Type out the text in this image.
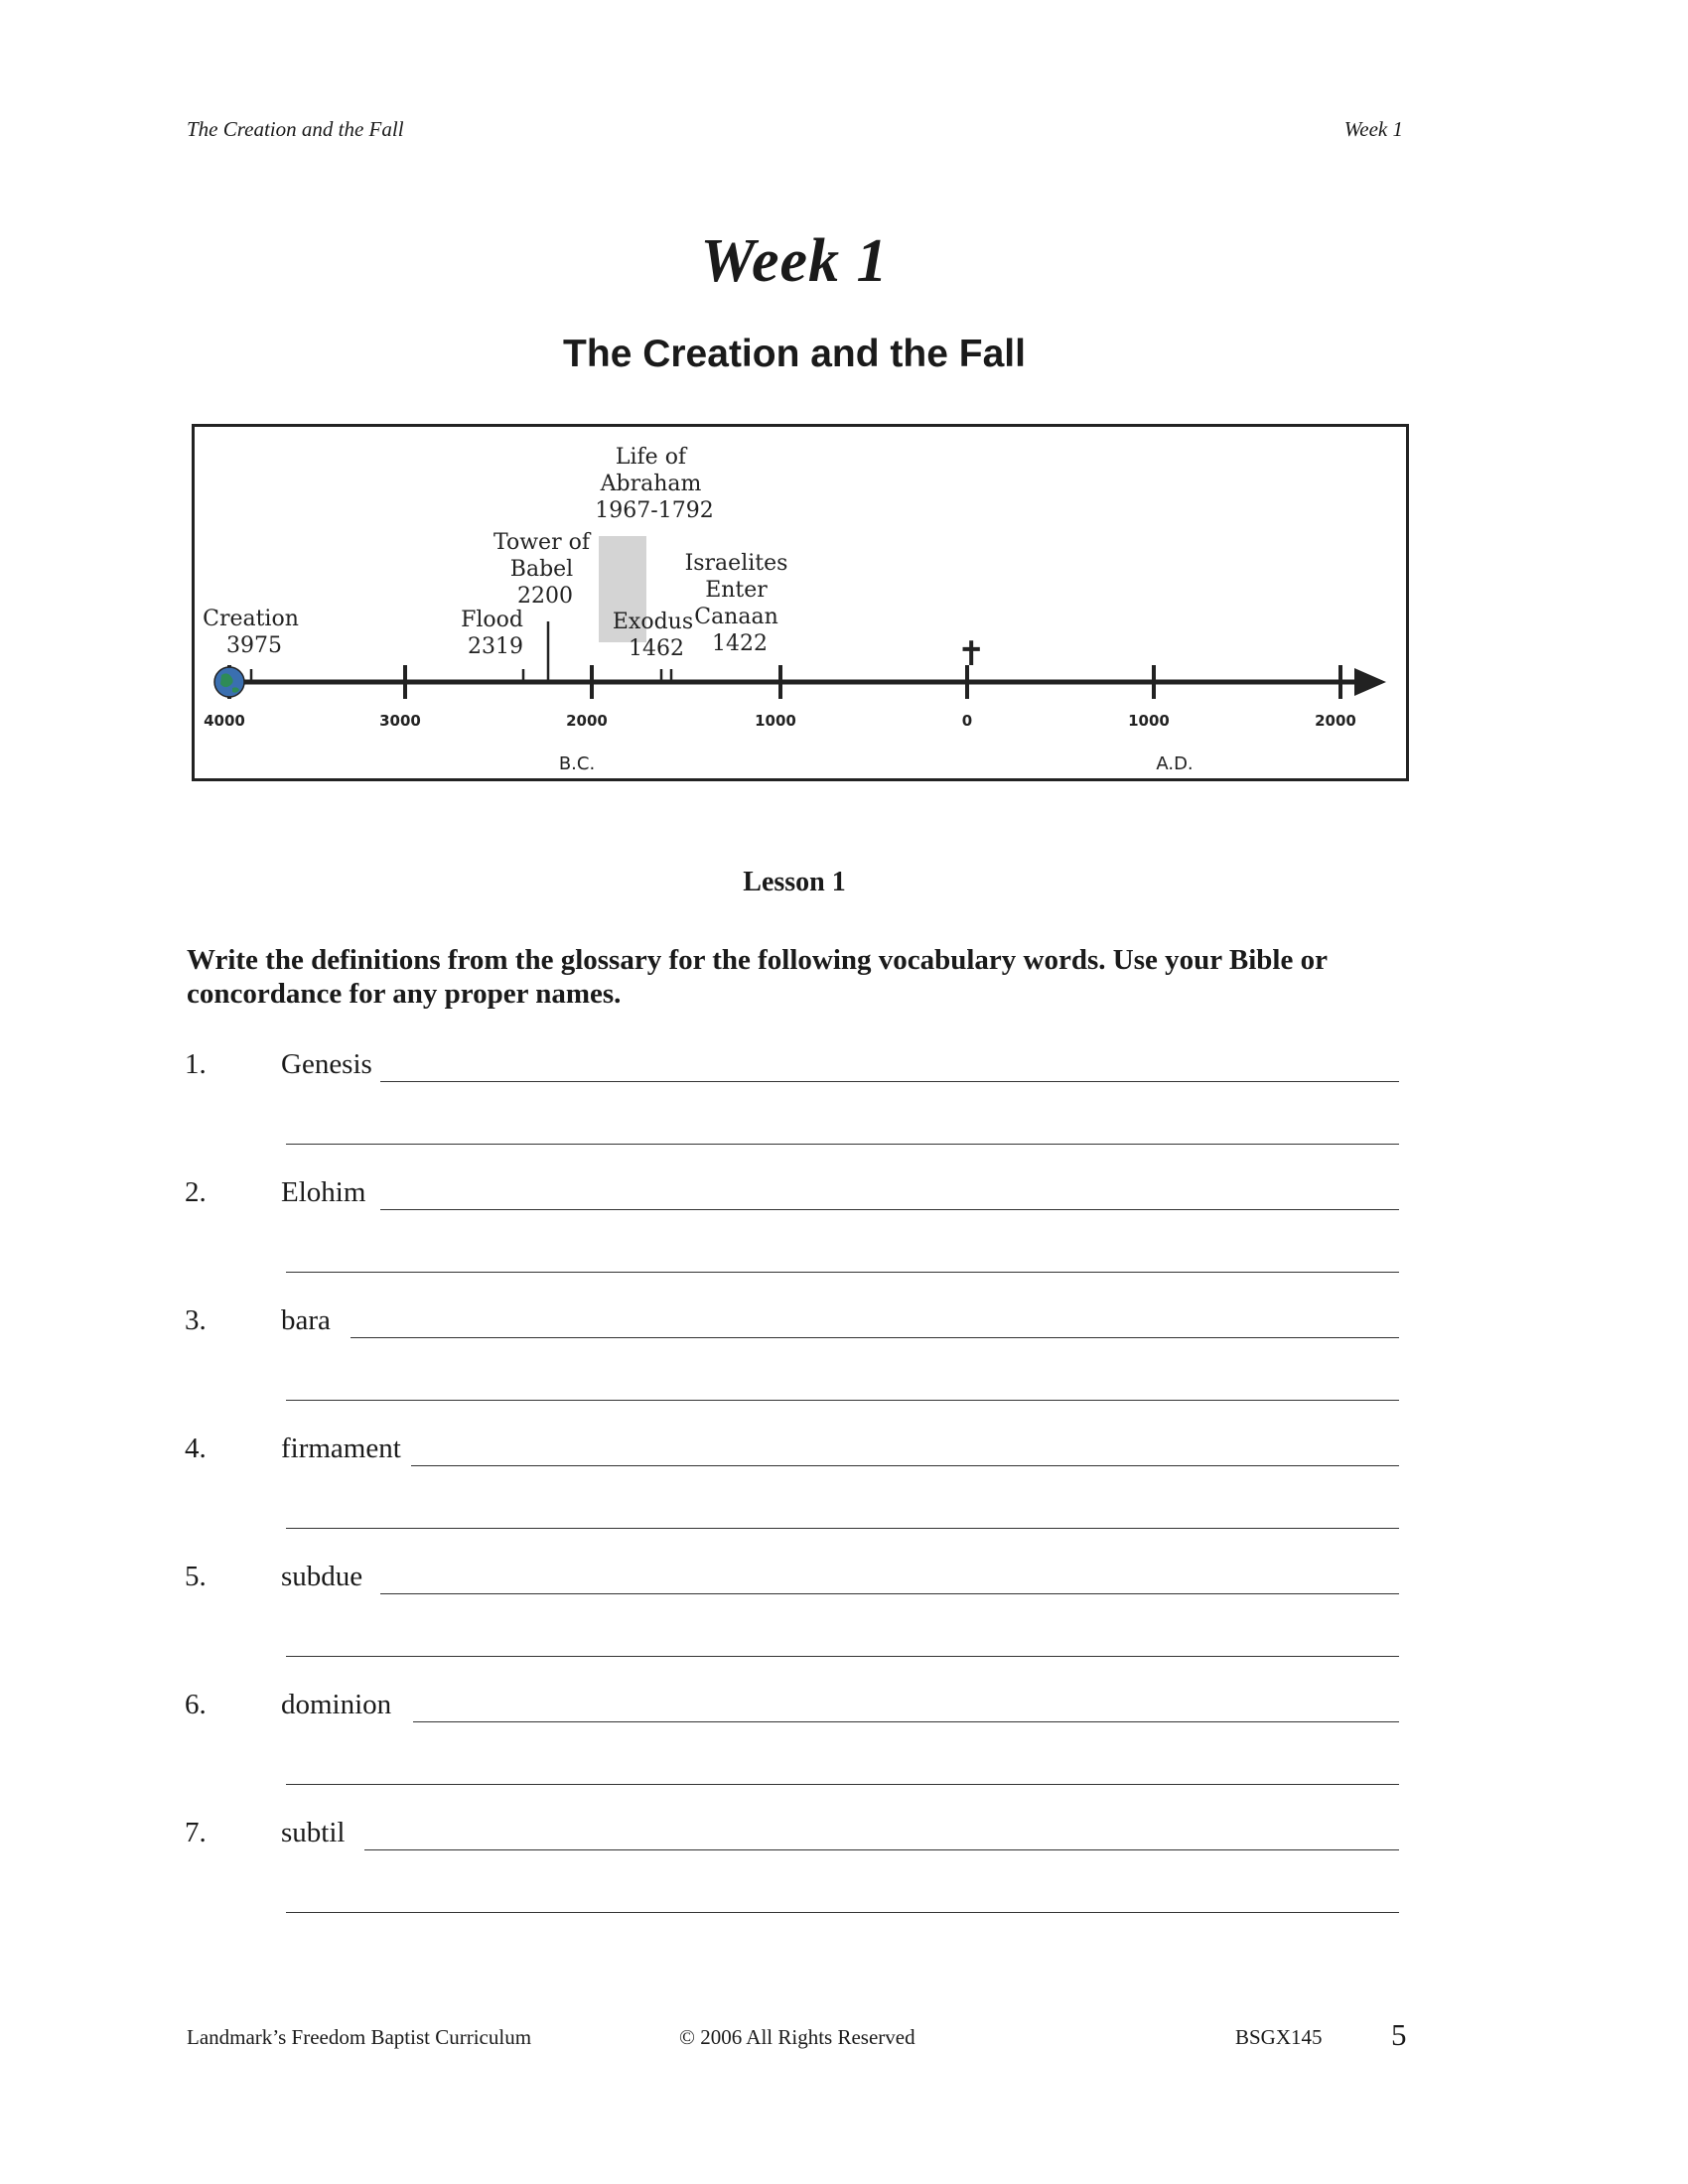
The Creation and the Fall	Week 1
Week 1
The Creation and the Fall
✝
Creation 3975
Flood 2319
Tower of Babel 2200
Life of Abraham 1967-1792
Exodus 1462
Israelites Enter Canaan 1422
4000	3000	2000	1000	0	1000	2000
B.C.	A.D.
Lesson 1
Write the definitions from the glossary for the following vocabulary words. Use your Bible or concordance for any proper names.
1.	Genesis
2.	Elohim
3.	bara
4.	firmament
5.	subdue
6.	dominion
7.	subtil
Landmark’s Freedom Baptist Curriculum	© 2006 All Rights Reserved	BSGX145 5
